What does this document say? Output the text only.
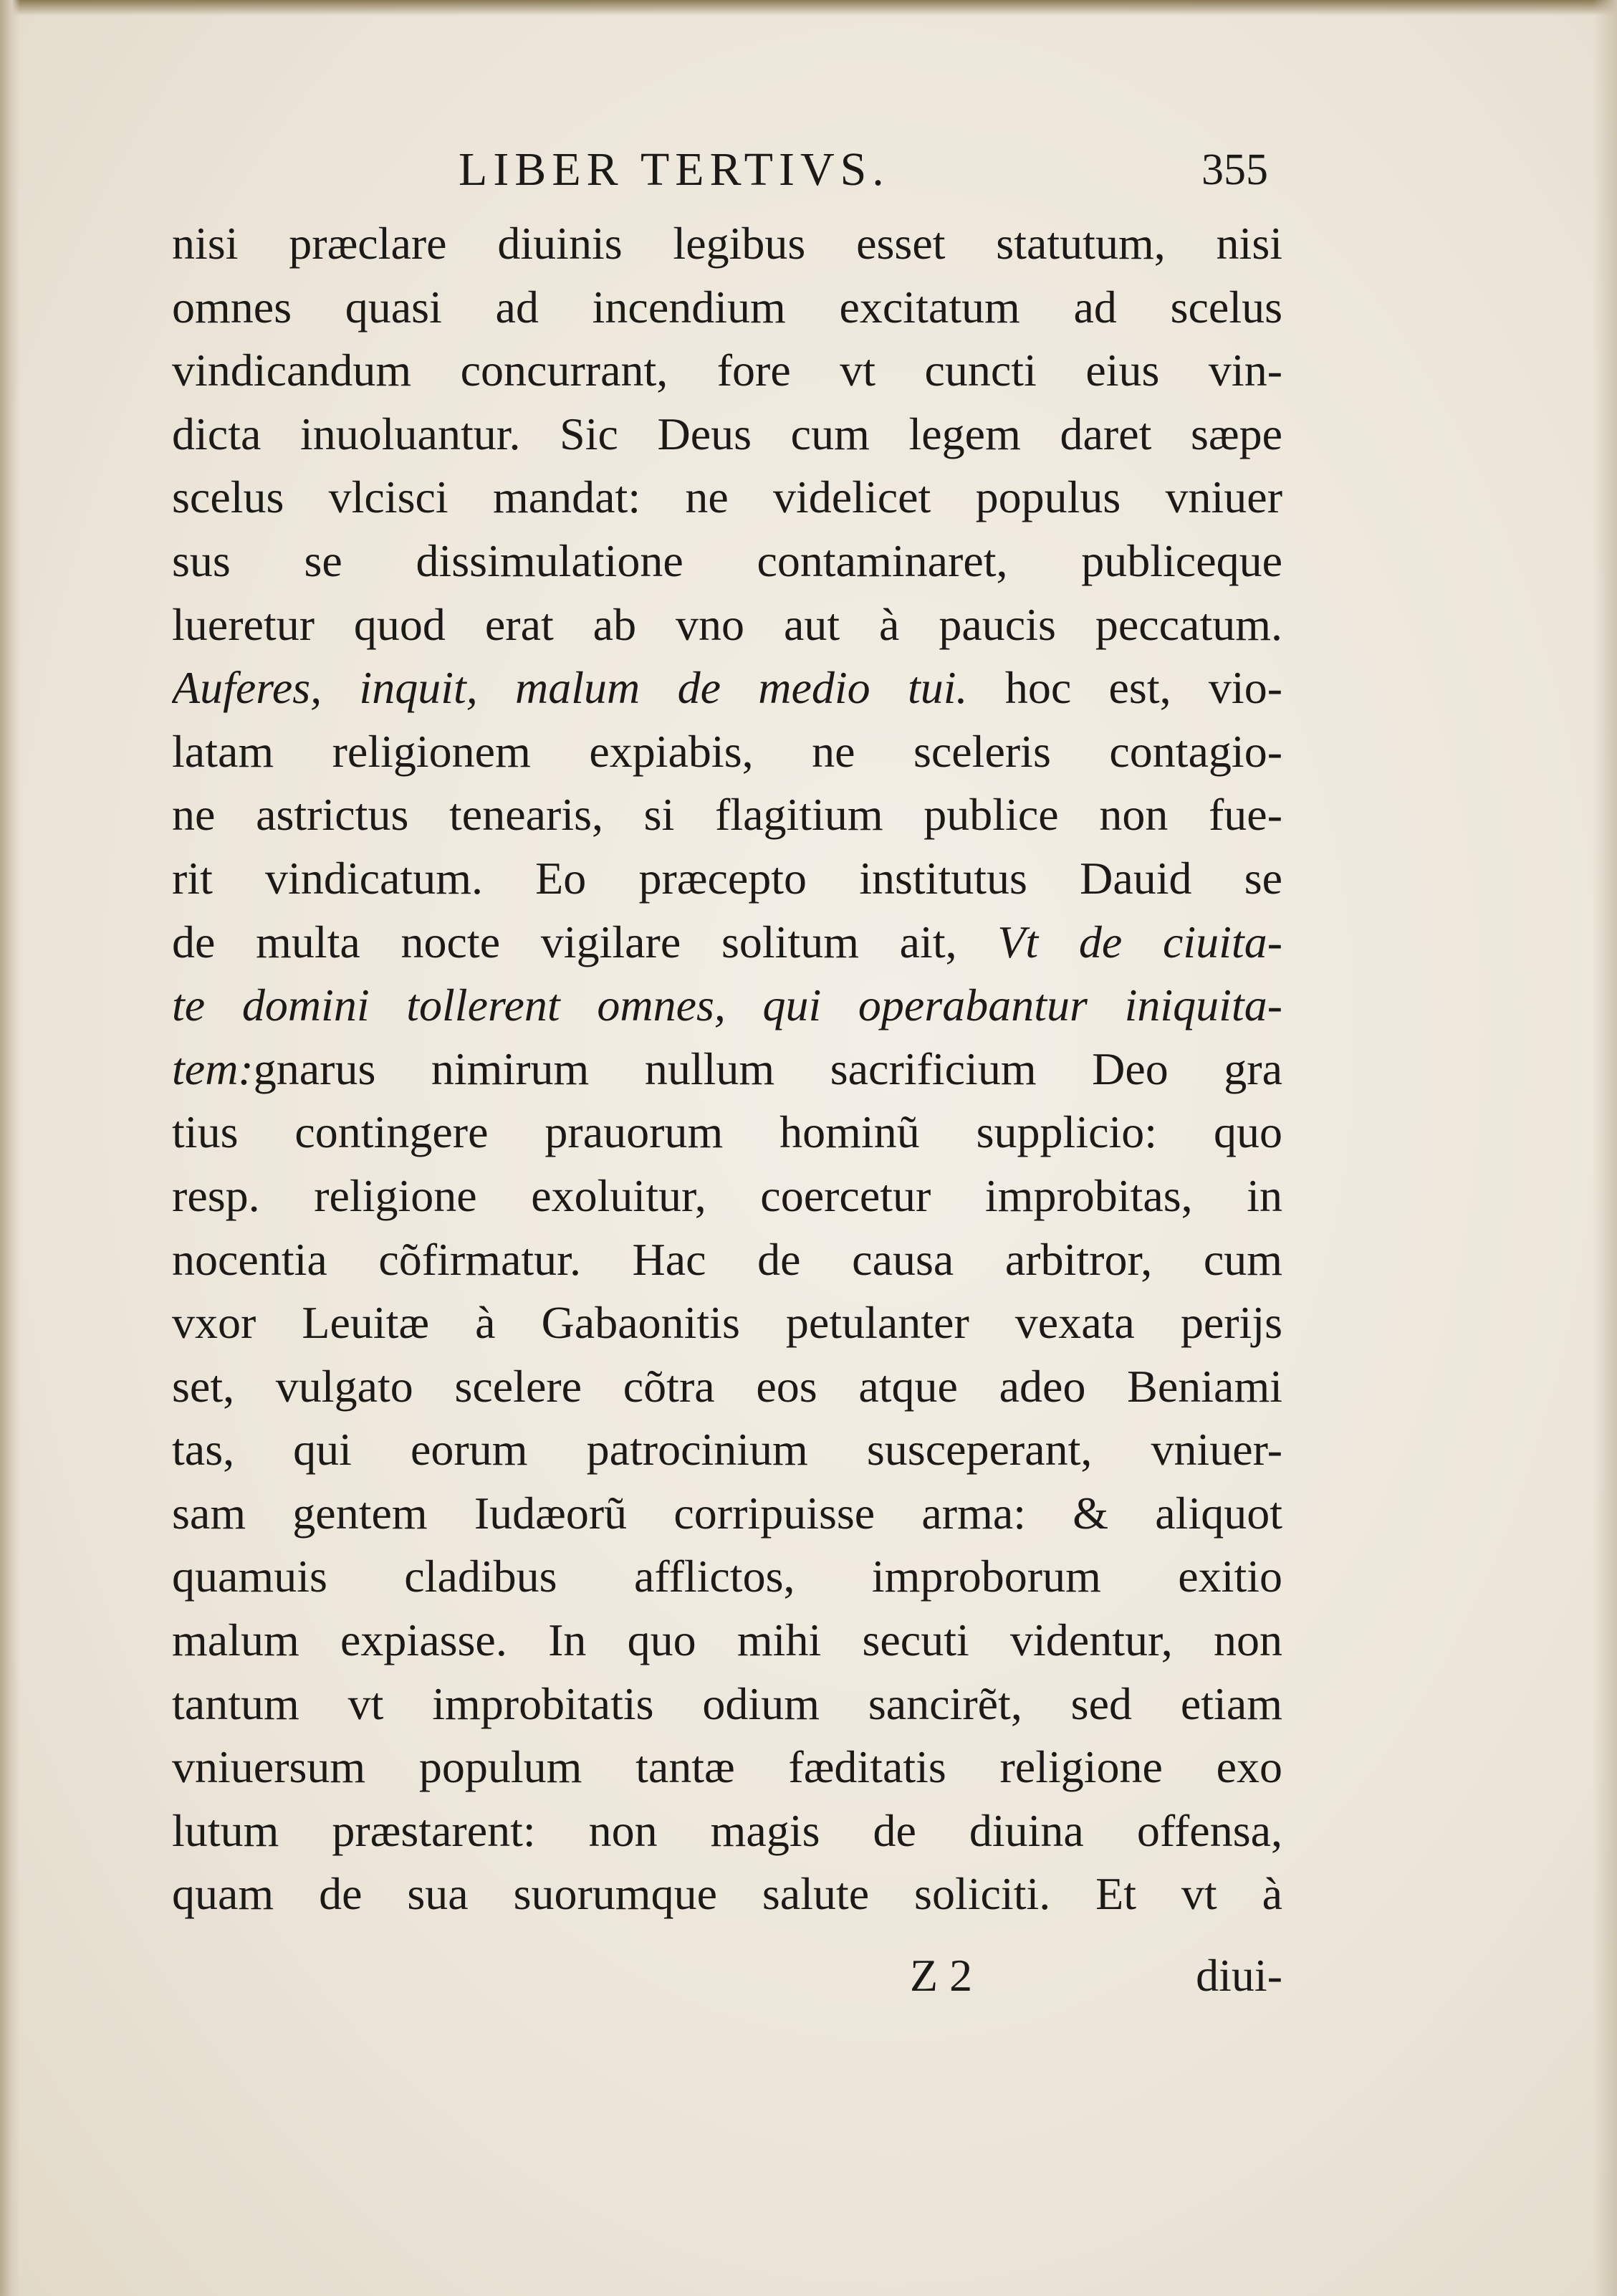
LIBER TERTIVS.	355
nisi præclare diuinis legibus esset statutum, nisi
omnes quasi ad incendium excitatum ad scelus
vindicandum concurrant, fore vt cuncti eius vin-
dicta inuoluantur. Sic Deus cum legem daret sæpe
scelus vlcisci mandat: ne videlicet populus vniuer
sus se dissimulatione contaminaret, publiceque
lueretur quod erat ab vno aut à paucis peccatum.
Auferes, inquit, malum de medio tui. hoc est, vio-
latam religionem expiabis, ne sceleris contagio-
ne astrictus tenearis, si flagitium publice non fue-
rit vindicatum. Eo præcepto institutus Dauid se
de multa nocte vigilare solitum ait, Vt de ciuita-
te domini tollerent omnes, qui operabantur iniquita-
tem:gnarus nimirum nullum sacrificium Deo gra
tius contingere prauorum hominũ supplicio: quo
resp. religione exoluitur, coercetur improbitas, in
nocentia cõfirmatur. Hac de causa arbitror, cum
vxor Leuitæ à Gabaonitis petulanter vexata perijs
set, vulgato scelere cõtra eos atque adeo Beniami
tas, qui eorum patrocinium susceperant, vniuer-
sam gentem Iudæorũ corripuisse arma: & aliquot
quamuis cladibus afflictos, improborum exitio
malum expiasse. In quo mihi secuti videntur, non
tantum vt improbitatis odium sancirẽt, sed etiam
vniuersum populum tantæ fæditatis religione exo
lutum præstarent: non magis de diuina offensa,
quam de sua suorumque salute soliciti. Et vt à
Z 2	diui-
